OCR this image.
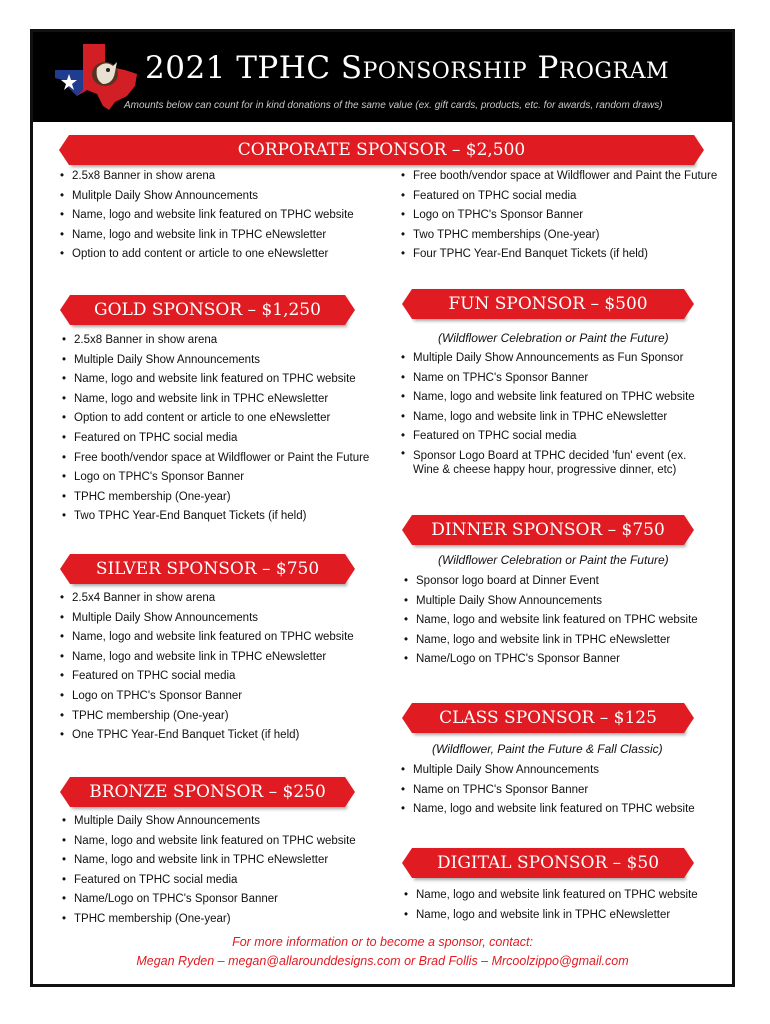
2021 TPHC Sponsorship Program
Amounts below can count for in kind donations of the same value (ex. gift cards, products, etc. for awards, random draws)
CORPORATE SPONSOR – $2,500
• 2.5x8 Banner in show arena
• Mulitple Daily Show Announcements
• Name, logo and website link featured on TPHC website
• Name, logo and website link in TPHC eNewsletter
• Option to add content or article to one eNewsletter
• Free booth/vendor space at Wildflower and Paint the Future
• Featured on TPHC social media
• Logo on TPHC's Sponsor Banner
• Two TPHC memberships (One-year)
• Four TPHC Year-End Banquet Tickets (if held)
GOLD SPONSOR – $1,250
• 2.5x8 Banner in show arena
• Multiple Daily Show Announcements
• Name, logo and website link featured on TPHC website
• Name, logo and website link in TPHC eNewsletter
• Option to add content or article to one eNewsletter
• Featured on TPHC social media
• Free booth/vendor space at Wildflower or Paint the Future
• Logo on TPHC's Sponsor Banner
• TPHC membership (One-year)
• Two TPHC Year-End Banquet Tickets (if held)
SILVER SPONSOR – $750
• 2.5x4 Banner in show arena
• Multiple Daily Show Announcements
• Name, logo and website link featured on TPHC website
• Name, logo and website link in TPHC eNewsletter
• Featured on TPHC social media
• Logo on TPHC's Sponsor Banner
• TPHC membership (One-year)
• One TPHC Year-End Banquet Ticket (if held)
BRONZE SPONSOR – $250
• Multiple Daily Show Announcements
• Name, logo and website link featured on TPHC website
• Name, logo and website link in TPHC eNewsletter
• Featured on TPHC social media
• Name/Logo on TPHC's Sponsor Banner
• TPHC membership (One-year)
FUN SPONSOR – $500
(Wildflower Celebration or Paint the Future)
• Multiple Daily Show Announcements as Fun Sponsor
• Name on TPHC's Sponsor Banner
• Name, logo and website link featured on TPHC website
• Name, logo and website link in TPHC eNewsletter
• Featured on TPHC social media
• Sponsor Logo Board at TPHC decided 'fun' event (ex. Wine & cheese happy hour, progressive dinner, etc)
DINNER SPONSOR – $750
(Wildflower Celebration or Paint the Future)
• Sponsor logo board at Dinner Event
• Multiple Daily Show Announcements
• Name, logo and website link featured on TPHC website
• Name, logo and website link in TPHC eNewsletter
• Name/Logo on TPHC's Sponsor Banner
CLASS SPONSOR – $125
(Wildflower, Paint the Future & Fall Classic)
• Multiple Daily Show Announcements
• Name on TPHC's Sponsor Banner
• Name, logo and website link featured on TPHC website
DIGITAL SPONSOR – $50
• Name, logo and website link featured on TPHC website
• Name, logo and website link in TPHC eNewsletter
For more information or to become a sponsor, contact:
Megan Ryden – megan@allarounddesigns.com or Brad Follis – Mrcoolzippo@gmail.com
